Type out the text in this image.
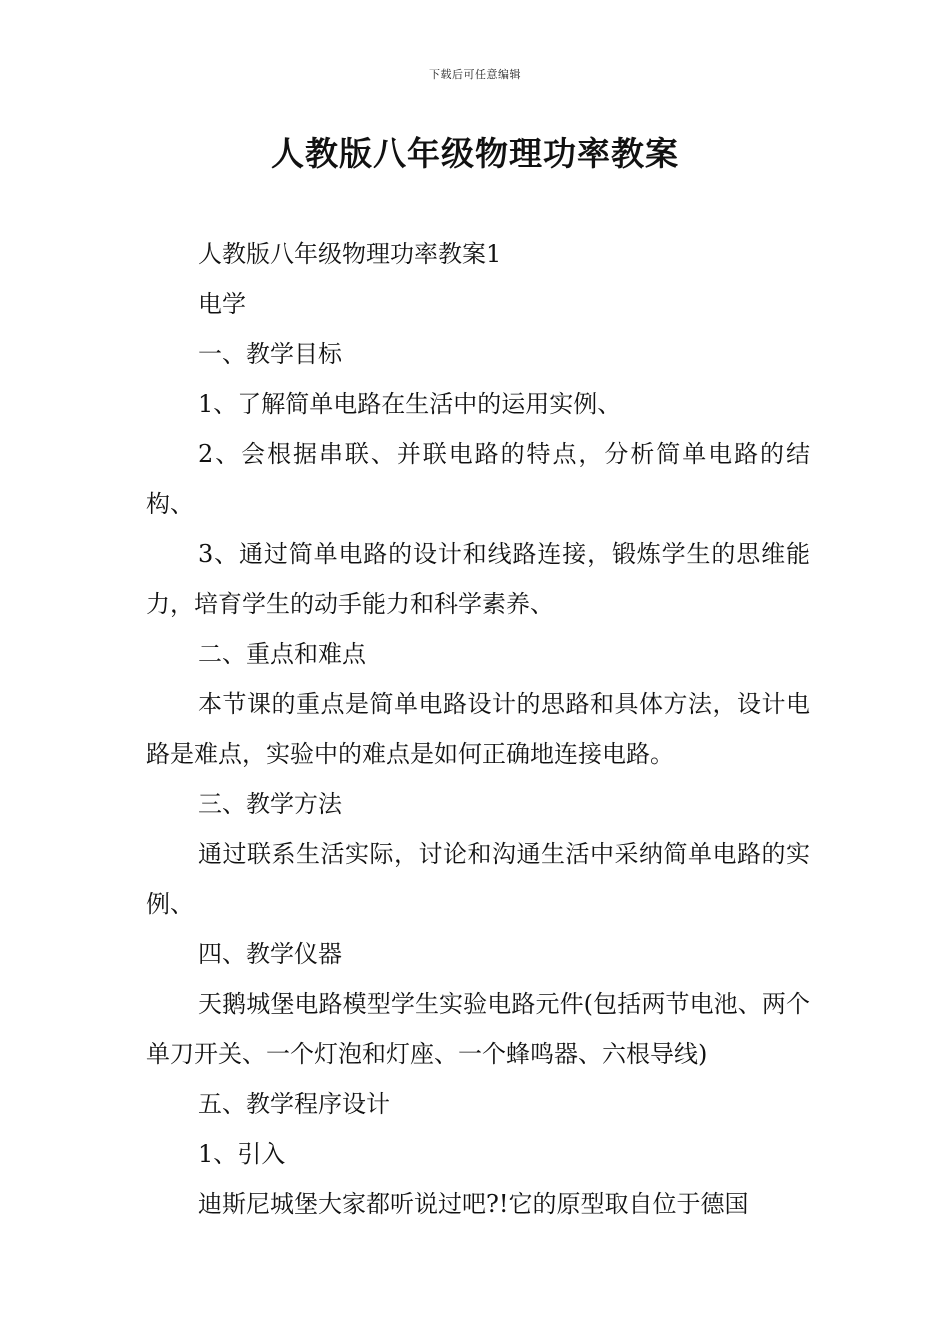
下载后可任意编辑
人教版八年级物理功率教案

人教版八年级物理功率教案1

电学

一、教学目标

1、了解简单电路在生活中的运用实例、

2、会根据串联、并联电路的特点，分析简单电路的结构、

3、通过简单电路的设计和线路连接，锻炼学生的思维能力，培育学生的动手能力和科学素养、

二、重点和难点

本节课的重点是简单电路设计的思路和具体方法，设计电路是难点，实验中的难点是如何正确地连接电路。

三、教学方法

通过联系生活实际，讨论和沟通生活中采纳简单电路的实例、

四、教学仪器

天鹅城堡电路模型学生实验电路元件(包括两节电池、两个单刀开关、一个灯泡和灯座、一个蜂鸣器、六根导线)

五、教学程序设计

1、引入

迪斯尼城堡大家都听说过吧?!它的原型取自位于德国
